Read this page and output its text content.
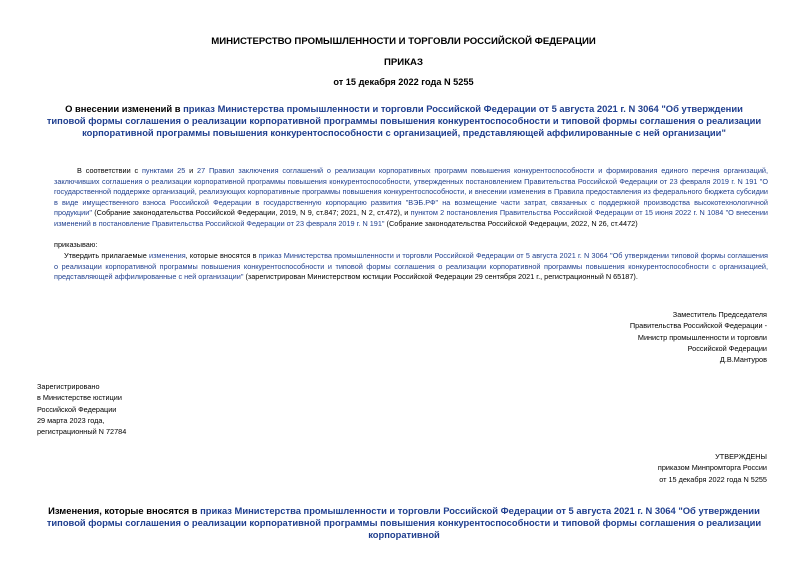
МИНИСТЕРСТВО ПРОМЫШЛЕННОСТИ И ТОРГОВЛИ РОССИЙСКОЙ ФЕДЕРАЦИИ
ПРИКАЗ
от 15 декабря 2022 года N 5255
О внесении изменений в приказ Министерства промышленности и торговли Российской Федерации от 5 августа 2021 г. N 3064 "Об утверждении типовой формы соглашения о реализации корпоративной программы повышения конкурентоспособности и типовой формы соглашения о реализации корпоративной программы повышения конкурентоспособности с организацией, представляющей аффилированные с ней организации"
В соответствии с пунктами 25 и 27 Правил заключения соглашений о реализации корпоративных программ повышения конкурентоспособности и формирования единого перечня организаций, заключивших соглашения о реализации корпоративной программы повышения конкурентоспособности, утвержденных постановлением Правительства Российской Федерации от 23 февраля 2019 г. N 191 "О государственной поддержке организаций, реализующих корпоративные программы повышения конкурентоспособности, и внесении изменения в Правила предоставления из федерального бюджета субсидии в виде имущественного взноса Российской Федерации в государственную корпорацию развития "ВЭБ.РФ" на возмещение части затрат, связанных с поддержкой производства высокотехнологичной продукции" (Собрание законодательства Российской Федерации, 2019, N 9, ст.847; 2021, N 2, ст.472), и пунктом 2 постановления Правительства Российской Федерации от 15 июня 2022 г. N 1084 "О внесении изменений в постановление Правительства Российской Федерации от 23 февраля 2019 г. N 191" (Собрание законодательства Российской Федерации, 2022, N 26, ст.4472)
приказываю:
Утвердить прилагаемые изменения, которые вносятся в приказ Министерства промышленности и торговли Российской Федерации от 5 августа 2021 г. N 3064 "Об утверждении типовой формы соглашения о реализации корпоративной программы повышения конкурентоспособности и типовой формы соглашения о реализации корпоративной программы повышения конкурентоспособности с организацией, представляющей аффилированные с ней организации" (зарегистрирован Министерством юстиции Российской Федерации 29 сентября 2021 г., регистрационный N 65187).
Заместитель Председателя
Правительства Российской Федерации -
Министр промышленности и торговли
Российской Федерации
Д.В.Мантуров
Зарегистрировано
в Министерстве юстиции
Российской Федерации
29 марта 2023 года,
регистрационный N 72784
УТВЕРЖДЕНЫ
приказом Минпромторга России
от 15 декабря 2022 года N 5255
Изменения, которые вносятся в приказ Министерства промышленности и торговли Российской Федерации от 5 августа 2021 г. N 3064 "Об утверждении типовой формы соглашения о реализации корпоративной программы повышения конкурентоспособности и типовой формы соглашения о реализации корпоративной
